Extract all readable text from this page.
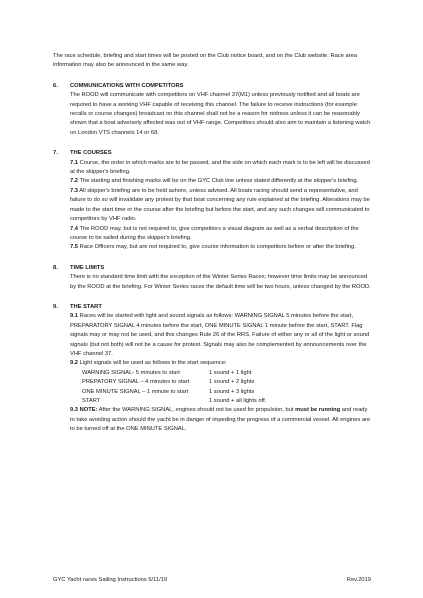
The race schedule, briefing and start times will be posted on the Club notice board, and on the Club website. Race area information may also be announced in the same way.

6. COMMUNICATIONS WITH COMPETITORS

The ROOD will communicate with competitors on VHF channel 37(M1) unless previously notified and all boats are required to have a working VHF capable of receiving this channel. The failure to receive instructions (for example recalls or course changes) broadcast on this channel shall not be a reason for redress unless it can be reasonably shown that a boat adversely affected was out of VHF range. Competitors should also aim to maintain a listening watch on London VTS channels 14 or 68.

7. THE COURSES

7.1 Course, the order in which marks are to be passed, and the side on which each mark is to be left will be discussed at the skipper's briefing.

7.2 The starting and finishing marks will be on the GYC Club line unless stated differently at the skipper's briefing.

7.3 All skipper's briefing are to be held ashore, unless advised. All boats racing should send a representative, and failure to do so will invalidate any protest by that boat concerning any rule explained at the briefing. Alterations may be made to the start time or the course after the briefing but before the start, and any such changes will communicated to competitors by VHF radio.

7.4 The ROOD may, but is not required to, give competitors a visual diagram as well as a verbal description of the course to be sailed during the skipper's briefing.

7.5 Race Officers may, but are not required to, give course information to competitors before or after the briefing.

8. TIME LIMITS

There is no standard time limit with the exception of the Winter Series Races; however time limits may be announced by the ROOD at the briefing. For Winter Series races the default time will be two hours, unless changed by the ROOD.

9. THE START

9.1 Races will be started with light and sound signals as follows: WARNING SIGNAL 5 minutes before the start, PREPARATORY SIGNAL 4 minutes before the start, ONE MINUTE SIGNAL 1 minute before the start, START. Flag signals may or may not be used, and this changes Rule 26 of the RRS. Failure of either any or all of the light or sound signals (but not both) will not be a cause for protest. Signals may also be complemented by announcements over the VHF channel 37.

9.2 Light signals will be used as follows in the start sequence:

WARNING SIGNAL- 5 minutes to start	1 sound + 1 light
PREPATORY SIGNAL – 4 minutes to start	1 sound + 2 lights
ONE MINUTE SIGNAL – 1 minute to start	1 sound + 3 lights
START	1 sound + all lights off.

9.3 NOTE: After the WARNING SIGNAL, engines should not be used for propulsion, but must be running and ready to take avoiding action should the yacht be in danger of impeding the progress of a commercial vessel. All engines are to be turned off at the ONE MINUTE SIGNAL.

GYC Yacht races Sailing Instructions 6/11/19	Rev.2019
